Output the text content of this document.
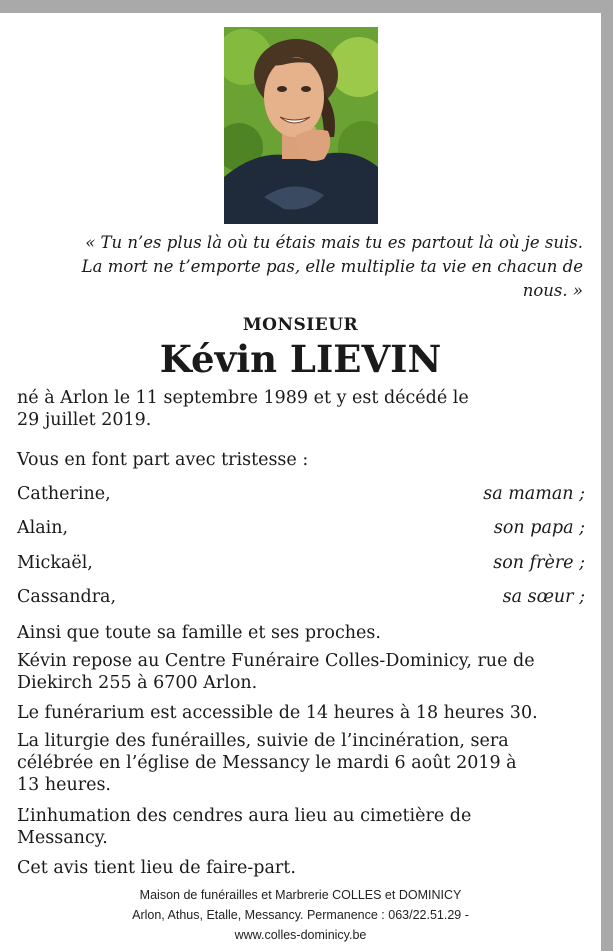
« Tu n’es plus là où tu étais mais tu es partout là où je suis.
La mort ne t’emporte pas, elle multiplie ta vie en chacun de
nous. »
MONSIEUR
Kévin LIEVIN
né à Arlon le 11 septembre 1989 et y est décédé le
29 juillet 2019.
Vous en font part avec tristesse :
Catherine,	sa maman ;
Alain,	son papa ;
Mickaël,	son frère ;
Cassandra,	sa sœur ;
Ainsi que toute sa famille et ses proches.
Kévin repose au Centre Funéraire Colles-Dominicy, rue de
Diekirch 255 à 6700 Arlon.
Le funérarium est accessible de 14 heures à 18 heures 30.
La liturgie des funérailles, suivie de l’incinération, sera
célébrée en l’église de Messancy le mardi 6 août 2019 à
13 heures.
L’inhumation des cendres aura lieu au cimetière de
Messancy.
Cet avis tient lieu de faire-part.
Maison de funérailles et Marbrerie COLLES et DOMINICY
Arlon, Athus, Etalle, Messancy. Permanence : 063/22.51.29 -
www.colles-dominicy.be
